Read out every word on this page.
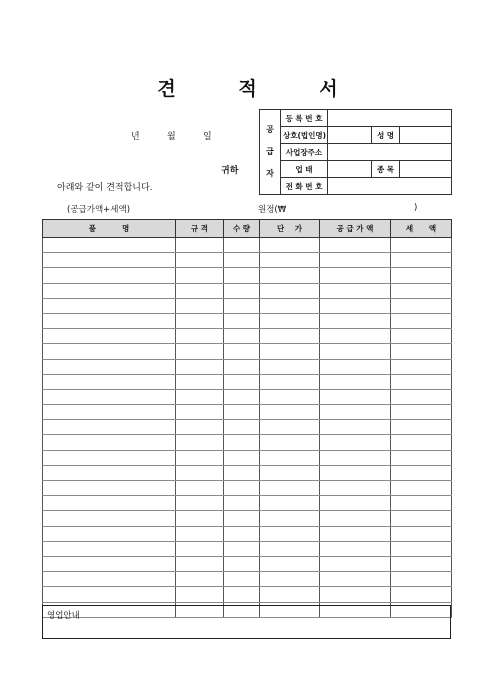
견 적 서
년	월	일
귀하
아래와 같이 견적합니다.
(공급가액+세액)	원정(₩	)
공
급
자	등 록 번 호			
	상호(법인명)		성 명	
	사업장주소			
	업 태		종 목	
	전 화 번 호			
품          명	규 격	수 량	단    가	공 급 가 액	세      액

영업안내
